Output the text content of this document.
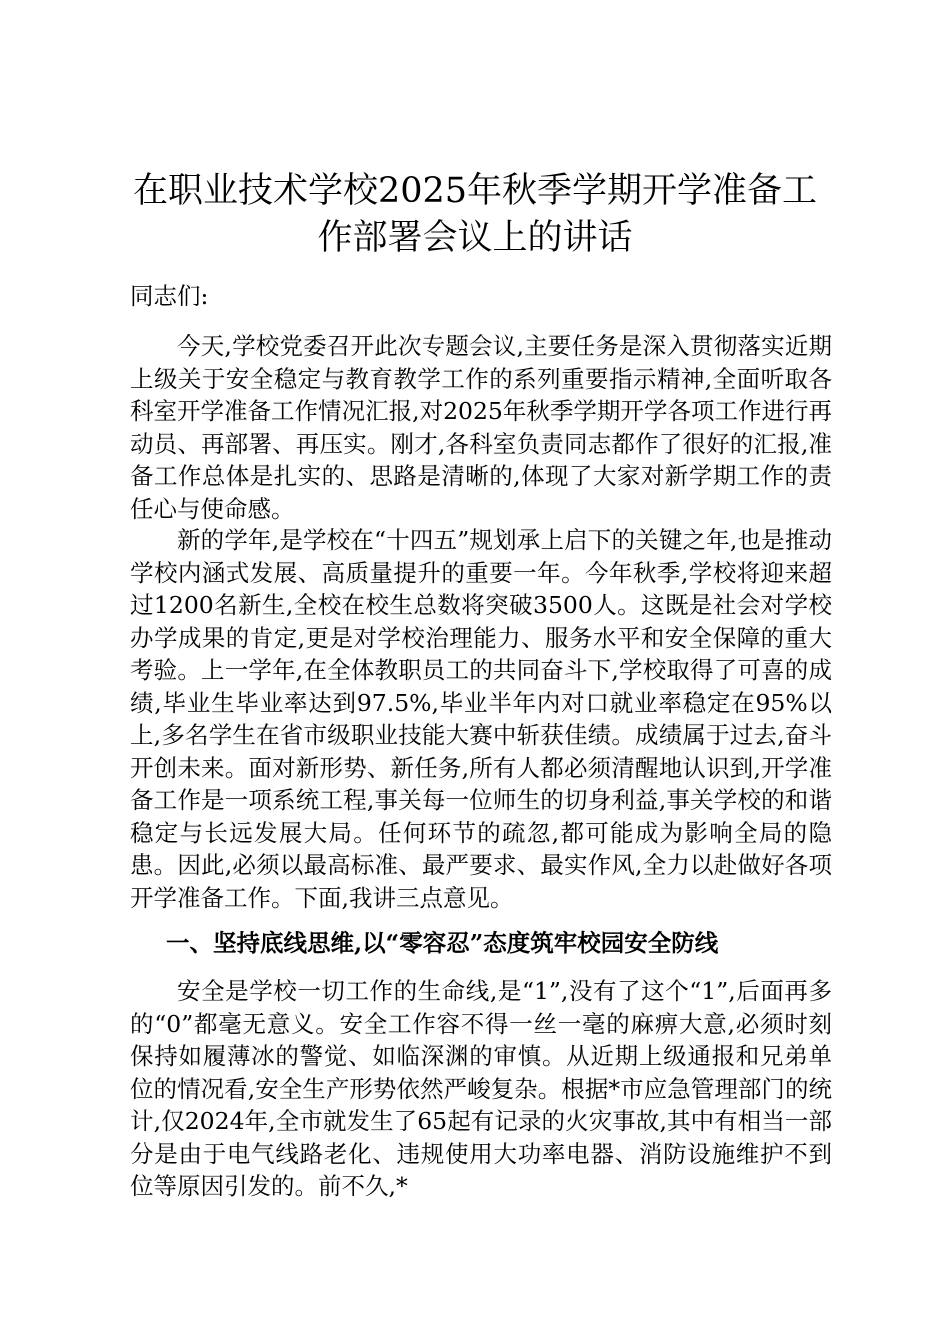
在职业技术学校2025年秋季学期开学准备工
作部署会议上的讲话

同志们:

今天,学校党委召开此次专题会议,主要任务是深入贯彻落实近期上级关于安全稳定与教育教学工作的系列重要指示精神,全面听取各科室开学准备工作情况汇报,对2025年秋季学期开学各项工作进行再动员、再部署、再压实。刚才,各科室负责同志都作了很好的汇报,准备工作总体是扎实的、思路是清晰的,体现了大家对新学期工作的责任心与使命感。

新的学年,是学校在“十四五”规划承上启下的关键之年,也是推动学校内涵式发展、高质量提升的重要一年。今年秋季,学校将迎来超过1200名新生,全校在校生总数将突破3500人。这既是社会对学校办学成果的肯定,更是对学校治理能力、服务水平和安全保障的重大考验。上一学年,在全体教职员工的共同奋斗下,学校取得了可喜的成绩,毕业生毕业率达到97.5%,毕业半年内对口就业率稳定在95%以上,多名学生在省市级职业技能大赛中斩获佳绩。成绩属于过去,奋斗开创未来。面对新形势、新任务,所有人都必须清醒地认识到,开学准备工作是一项系统工程,事关每一位师生的切身利益,事关学校的和谐稳定与长远发展大局。任何环节的疏忽,都可能成为影响全局的隐患。因此,必须以最高标准、最严要求、最实作风,全力以赴做好各项开学准备工作。下面,我讲三点意见。

一、坚持底线思维,以“零容忍”态度筑牢校园安全防线

安全是学校一切工作的生命线,是“1”,没有了这个“1”,后面再多的“0”都毫无意义。安全工作容不得一丝一毫的麻痹大意,必须时刻保持如履薄冰的警觉、如临深渊的审慎。从近期上级通报和兄弟单位的情况看,安全生产形势依然严峻复杂。根据*市应急管理部门的统计,仅2024年,全市就发生了65起有记录的火灾事故,其中有相当一部分是由于电气线路老化、违规使用大功率电器、消防设施维护不到位等原因引发的。前不久,*
